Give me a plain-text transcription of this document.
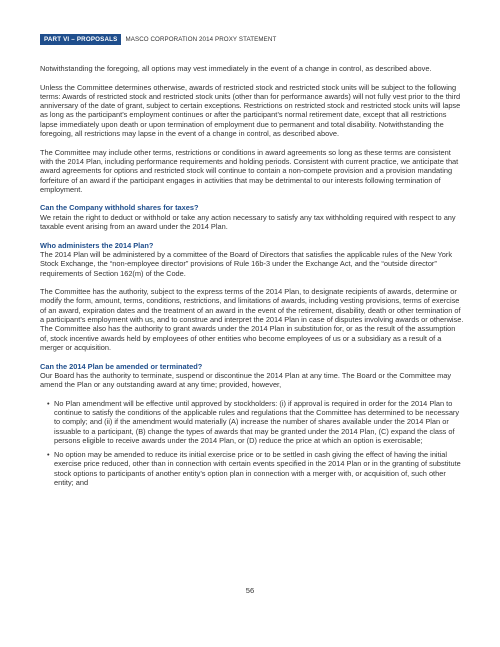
PART VI – PROPOSALS	MASCO CORPORATION 2014 PROXY STATEMENT

Notwithstanding the foregoing, all options may vest immediately in the event of a change in control, as described above.

Unless the Committee determines otherwise, awards of restricted stock and restricted stock units will be subject to the following terms: Awards of restricted stock and restricted stock units (other than for performance awards) will not fully vest prior to the third anniversary of the date of grant, subject to certain exceptions. Restrictions on restricted stock and restricted stock units will lapse as long as the participant’s employment continues or after the participant’s normal retirement date, except that all restrictions lapse immediately upon death or upon termination of employment due to permanent and total disability. Notwithstanding the foregoing, all restrictions may lapse in the event of a change in control, as described above.

The Committee may include other terms, restrictions or conditions in award agreements so long as these terms are consistent with the 2014 Plan, including performance requirements and holding periods. Consistent with current practice, we anticipate that award agreements for options and restricted stock will continue to contain a non-compete provision and a provision mandating forfeiture of an award if the participant engages in activities that may be detrimental to our interests following termination of employment.

Can the Company withhold shares for taxes?

We retain the right to deduct or withhold or take any action necessary to satisfy any tax withholding required with respect to any taxable event arising from an award under the 2014 Plan.

Who administers the 2014 Plan?

The 2014 Plan will be administered by a committee of the Board of Directors that satisfies the applicable rules of the New York Stock Exchange, the “non-employee director” provisions of Rule 16b-3 under the Exchange Act, and the “outside director” requirements of Section 162(m) of the Code.

The Committee has the authority, subject to the express terms of the 2014 Plan, to designate recipients of awards, determine or modify the form, amount, terms, conditions, restrictions, and limitations of awards, including vesting provisions, terms of exercise of an award, expiration dates and the treatment of an award in the event of the retirement, disability, death or other termination of a participant’s employment with us, and to construe and interpret the 2014 Plan in case of disputes involving awards or otherwise. The Committee also has the authority to grant awards under the 2014 Plan in substitution for, or as the result of the assumption of, stock incentive awards held by employees of other entities who become employees of us or a subsidiary as a result of a merger or acquisition.

Can the 2014 Plan be amended or terminated?

Our Board has the authority to terminate, suspend or discontinue the 2014 Plan at any time. The Board or the Committee may amend the Plan or any outstanding award at any time; provided, however,

• No Plan amendment will be effective until approved by stockholders: (i) if approval is required in order for the 2014 Plan to continue to satisfy the conditions of the applicable rules and regulations that the Committee has determined to be necessary to comply; and (ii) if the amendment would materially (A) increase the number of shares available under the 2014 Plan or issuable to a participant, (B) change the types of awards that may be granted under the 2014 Plan, (C) expand the class of persons eligible to receive awards under the 2014 Plan, or (D) reduce the price at which an option is exercisable;
• No option may be amended to reduce its initial exercise price or to be settled in cash giving the effect of having the initial exercise price reduced, other than in connection with certain events specified in the 2014 Plan or in the granting of substitute stock options to participants of another entity’s option plan in connection with a merger with, or acquisition of, such other entity; and
56
